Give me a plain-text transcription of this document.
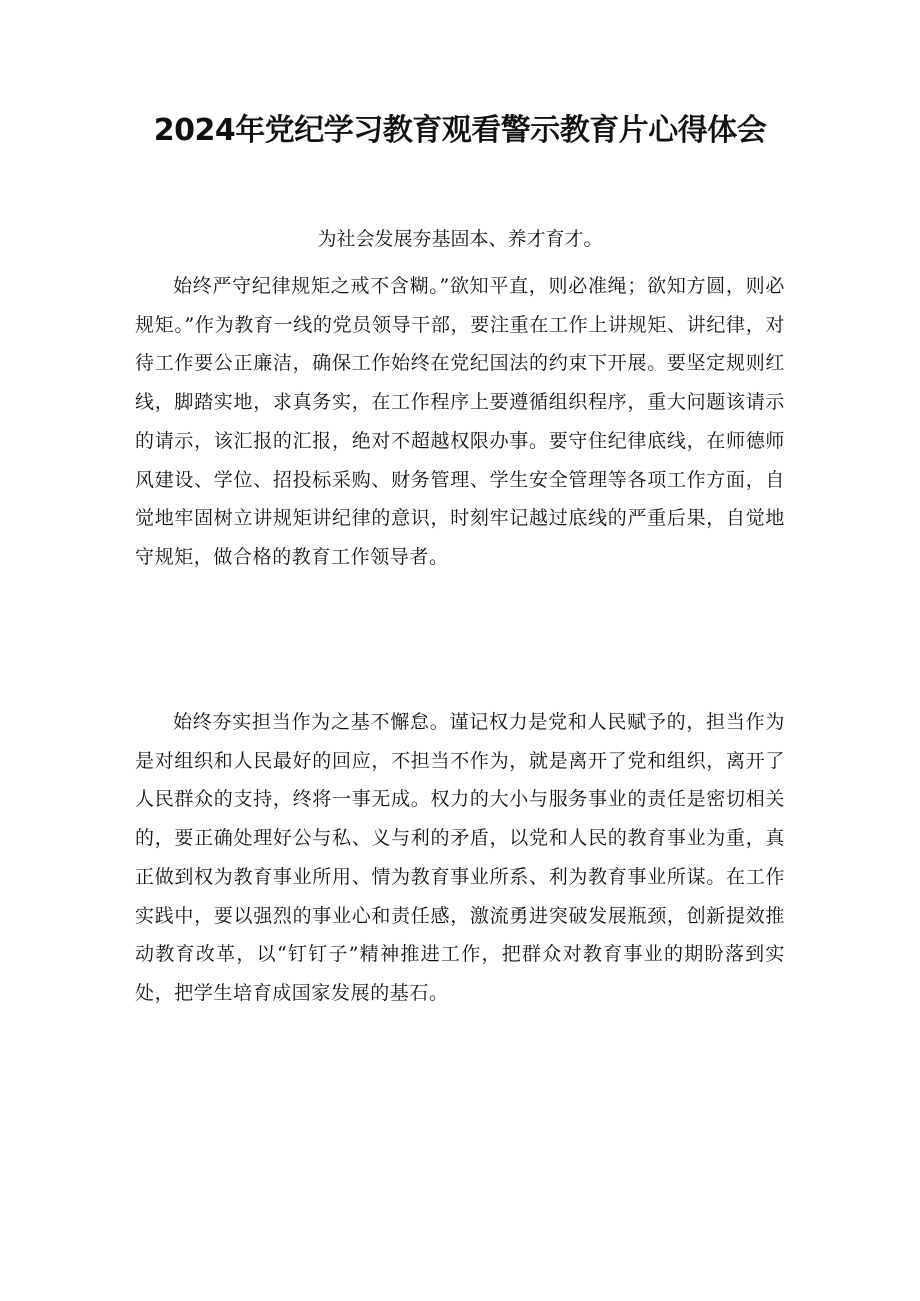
2024年党纪学习教育观看警示教育片心得体会

为社会发展夯基固本、养才育才。

始终严守纪律规矩之戒不含糊。”欲知平直，则必准绳；欲知方圆，则必规矩。”作为教育一线的党员领导干部，要注重在工作上讲规矩、讲纪律，对待工作要公正廉洁，确保工作始终在党纪国法的约束下开展。要坚定规则红线，脚踏实地，求真务实，在工作程序上要遵循组织程序，重大问题该请示的请示，该汇报的汇报，绝对不超越权限办事。要守住纪律底线，在师德师风建设、学位、招投标采购、财务管理、学生安全管理等各项工作方面，自觉地牢固树立讲规矩讲纪律的意识，时刻牢记越过底线的严重后果，自觉地守规矩，做合格的教育工作领导者。

始终夯实担当作为之基不懈怠。谨记权力是党和人民赋予的，担当作为是对组织和人民最好的回应，不担当不作为，就是离开了党和组织，离开了人民群众的支持，终将一事无成。权力的大小与服务事业的责任是密切相关的，要正确处理好公与私、义与利的矛盾，以党和人民的教育事业为重，真正做到权为教育事业所用、情为教育事业所系、利为教育事业所谋。在工作实践中，要以强烈的事业心和责任感，激流勇进突破发展瓶颈，创新提效推动教育改革，以“钉钉子”精神推进工作，把群众对教育事业的期盼落到实处，把学生培育成国家发展的基石。
